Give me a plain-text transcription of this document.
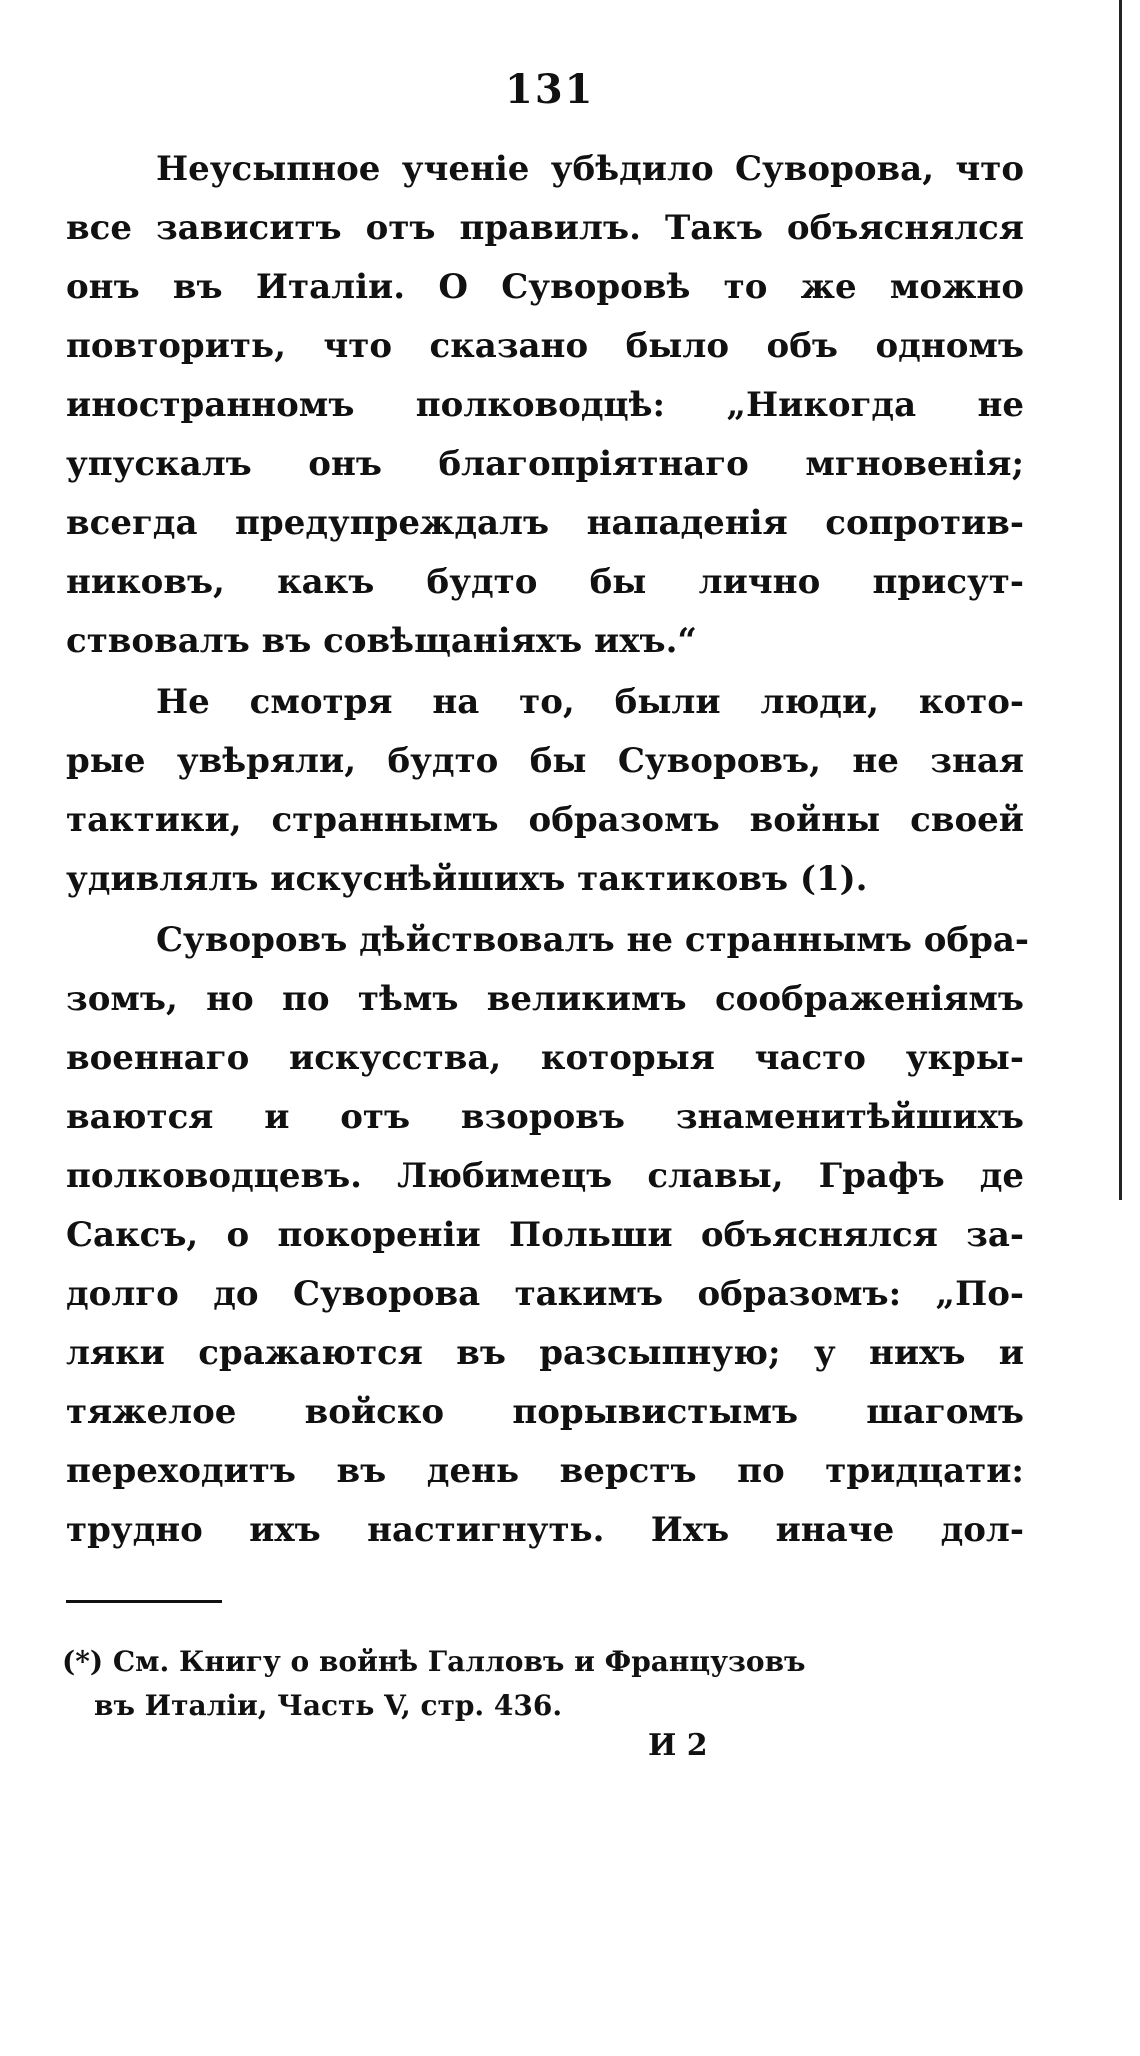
131
Неусыпное ученіе убѣдило Суворова, что
все зависитъ отъ правилъ. Такъ объяснялся
онъ въ Италіи. О Суворовѣ то же можно
повторить, что сказано было объ одномъ
иностранномъ полководцѣ: „Никогда не
упускалъ онъ благопріятнаго мгновенія;
всегда предупреждалъ нападенія сопротив-
никовъ, какъ будто бы лично присут-
ствовалъ въ совѣщаніяхъ ихъ.“
Не смотря на то, были люди, кото-
рые увѣряли, будто бы Суворовъ, не зная
тактики, страннымъ образомъ войны своей
удивлялъ искуснѣйшихъ тактиковъ (1).
Суворовъ дѣйствовалъ не страннымъ обра-
зомъ, но по тѣмъ великимъ соображеніямъ
военнаго искусства, которыя часто укры-
ваются и отъ взоровъ знаменитѣйшихъ
полководцевъ. Любимецъ славы, Графъ де
Саксъ, о покореніи Польши объяснялся за-
долго до Суворова такимъ образомъ: „По-
ляки сражаются въ разсыпную; у нихъ и
тяжелое войско порывистымъ шагомъ
переходитъ въ день верстъ по тридцати:
трудно ихъ настигнуть. Ихъ иначе дол-
(*) См. Книгу о войнѣ Галловъ и Французовъ
въ Италіи, Часть V, стр. 436.
И 2
